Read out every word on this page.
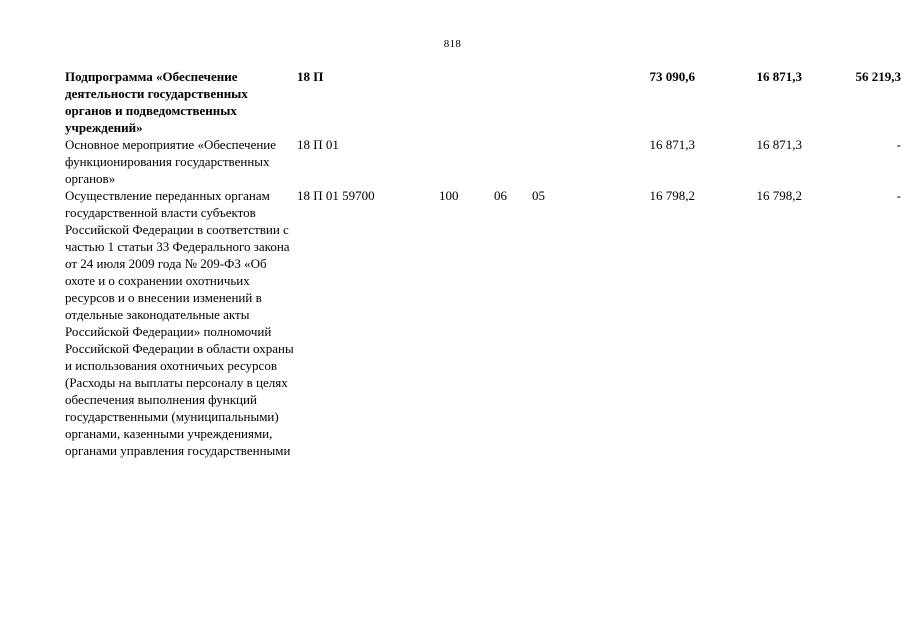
818
Подпрограмма «Обеспечение деятельности государственных органов и подведомственных учреждений»	18 П				73 090,6	16 871,3	56 219,3
Основное мероприятие «Обеспечение функционирования государственных органов»	18 П 01				16 871,3	16 871,3	-
Осуществление переданных органам государственной власти субъектов Российской Федерации в соответствии с частью 1 статьи 33 Федерального закона от 24 июля 2009 года № 209-ФЗ «Об охоте и о сохранении охотничьих ресурсов и о внесении изменений в отдельные законодательные акты Российской Федерации» полномочий Российской Федерации в области охраны и использования охотничьих ресурсов (Расходы на выплаты персоналу в целях обеспечения выполнения функций государственными (муниципальными) органами, казенными учреждениями, органами управления государственными	18 П 01 59700	100	06	05	16 798,2	16 798,2	-
